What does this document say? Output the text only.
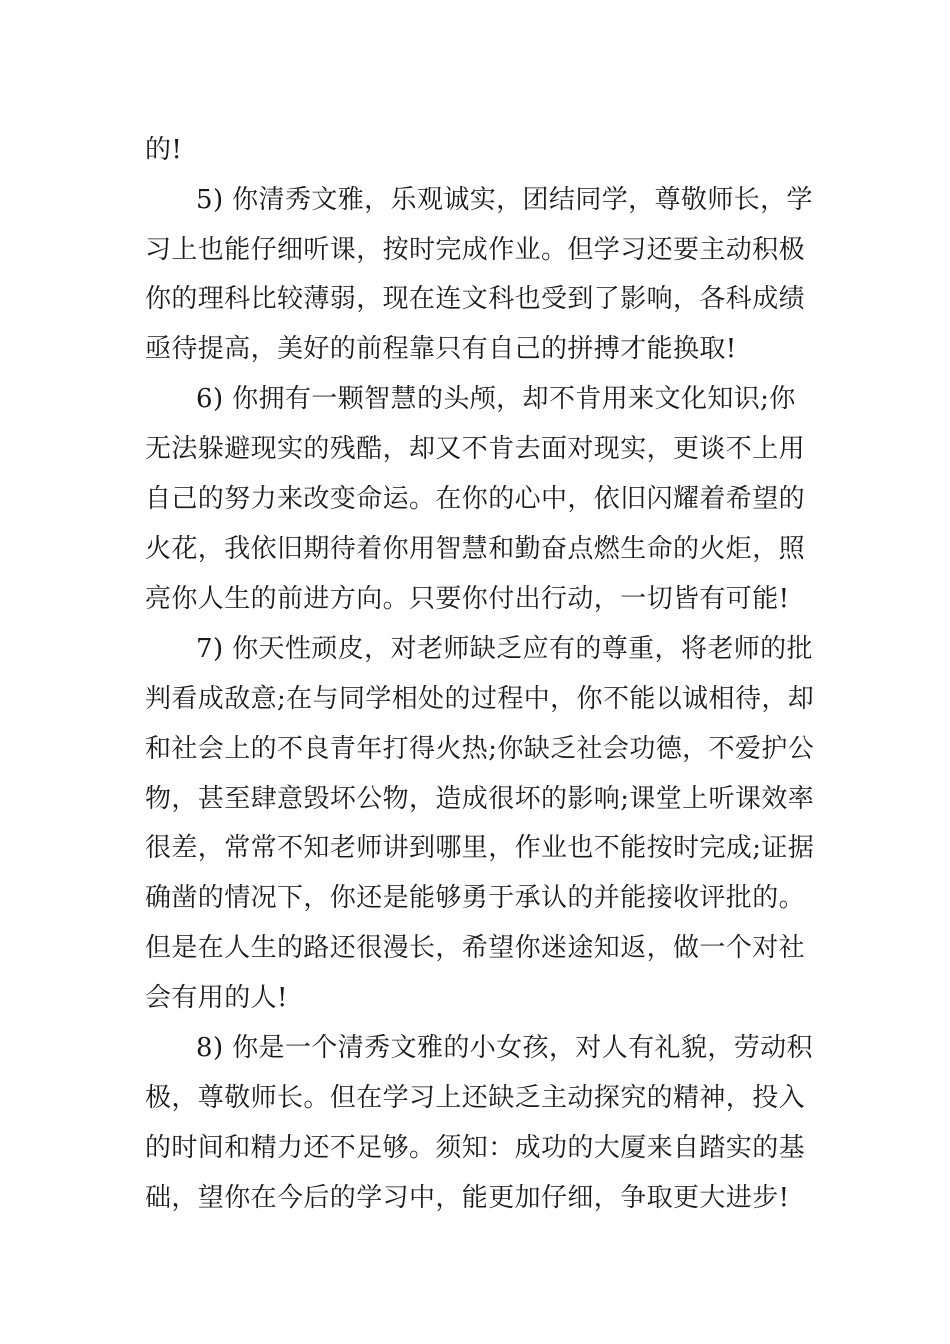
的!
5) 你清秀文雅，乐观诚实，团结同学，尊敬师长，学
习上也能仔细听课，按时完成作业。但学习还要主动积极
你的理科比较薄弱，现在连文科也受到了影响，各科成绩
亟待提高，美好的前程靠只有自己的拼搏才能换取!
6) 你拥有一颗智慧的头颅，却不肯用来文化知识;你
无法躲避现实的残酷，却又不肯去面对现实，更谈不上用
自己的努力来改变命运。在你的心中，依旧闪耀着希望的
火花，我依旧期待着你用智慧和勤奋点燃生命的火炬，照
亮你人生的前进方向。只要你付出行动，一切皆有可能!
7) 你天性顽皮，对老师缺乏应有的尊重，将老师的批
判看成敌意;在与同学相处的过程中，你不能以诚相待，却
和社会上的不良青年打得火热;你缺乏社会功德，不爱护公
物，甚至肆意毁坏公物，造成很坏的影响;课堂上听课效率
很差，常常不知老师讲到哪里，作业也不能按时完成;证据
确凿的情况下，你还是能够勇于承认的并能接收评批的。
但是在人生的路还很漫长，希望你迷途知返，做一个对社
会有用的人!
8) 你是一个清秀文雅的小女孩，对人有礼貌，劳动积
极，尊敬师长。但在学习上还缺乏主动探究的精神，投入
的时间和精力还不足够。须知：成功的大厦来自踏实的基
础，望你在今后的学习中，能更加仔细，争取更大进步!
